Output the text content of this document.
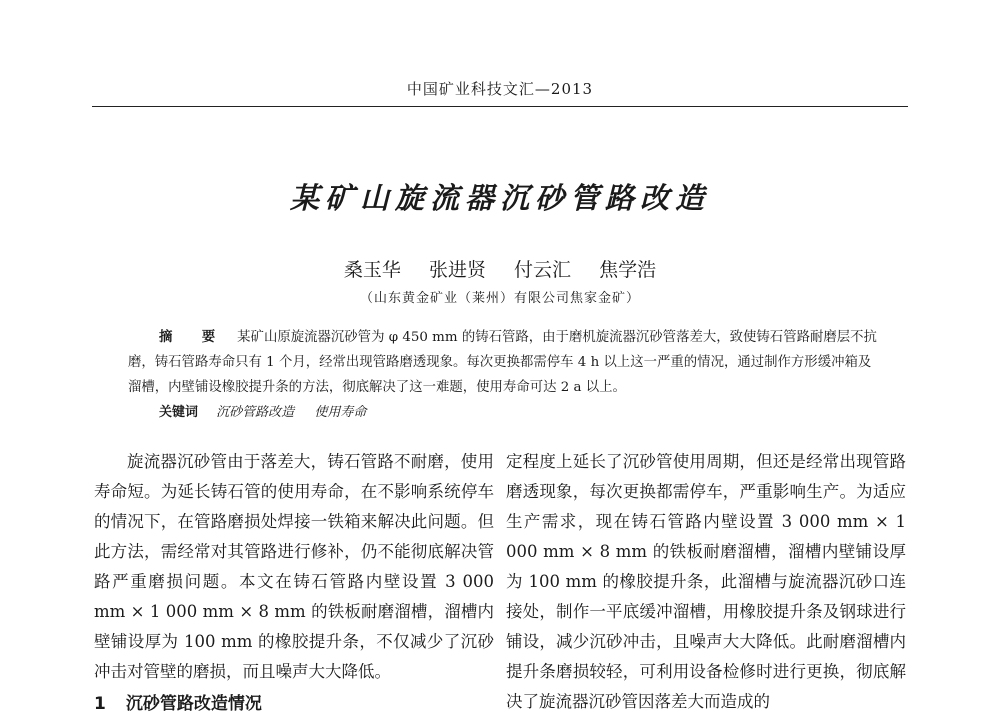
中国矿业科技文汇—2013
某矿山旋流器沉砂管路改造
桑玉华 张进贤 付云汇 焦学浩
（山东黄金矿业（莱州）有限公司焦家金矿）

摘　要 某矿山原旋流器沉砂管为 φ 450 mm 的铸石管路，由于磨机旋流器沉砂管落差大，致使铸石管路耐磨层不抗磨，铸石管路寿命只有 1 个月，经常出现管路磨透现象。每次更换都需停车 4 h 以上这一严重的情况，通过制作方形缓冲箱及溜槽，内壁铺设橡胶提升条的方法，彻底解决了这一难题，使用寿命可达 2 a 以上。

关键词 沉砂管路改造 使用寿命

旋流器沉砂管由于落差大，铸石管路不耐磨，使用寿命短。为延长铸石管的使用寿命，在不影响系统停车的情况下，在管路磨损处焊接一铁箱来解决此问题。但此方法，需经常对其管路进行修补，仍不能彻底解决管路严重磨损问题。本文在铸石管路内壁设置 3 000 mm × 1 000 mm × 8 mm 的铁板耐磨溜槽，溜槽内壁铺设厚为 100 mm 的橡胶提升条，不仅减少了沉砂冲击对管壁的磨损，而且噪声大大降低。

1 沉砂管路改造情况

定程度上延长了沉砂管使用周期，但还是经常出现管路磨透现象，每次更换都需停车，严重影响生产。为适应生产需求，现在铸石管路内壁设置 3 000 mm × 1 000 mm × 8 mm 的铁板耐磨溜槽，溜槽内壁铺设厚为 100 mm 的橡胶提升条，此溜槽与旋流器沉砂口连接处，制作一平底缓冲溜槽，用橡胶提升条及钢球进行铺设，减少沉砂冲击，且噪声大大降低。此耐磨溜槽内提升条磨损较轻，可利用设备检修时进行更换，彻底解决了旋流器沉砂管因落差大而造成的
